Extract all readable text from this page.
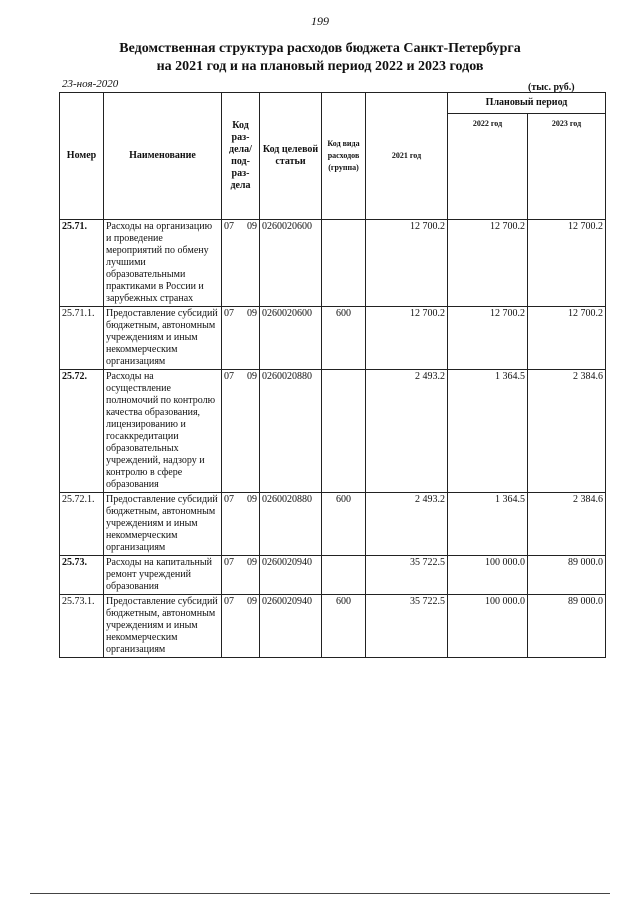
199
Ведомственная структура расходов бюджета Санкт-Петербурга
на 2021 год и на плановый период 2022 и 2023 годов
23-ноя-2020	(тыс. руб.)
Номер	Наименование	Код раз-дела/ под-раз-дела	Код целевой статьи	Код вида расходов (группа)	2021 год	Плановый период	
						2022 год	2023 год
25.71.	Расходы на организацию и проведение мероприятий по обмену лучшими образовательными практиками в России и зарубежных странах	07 09	0260020600		12 700.2	12 700.2	12 700.2
25.71.1.	Предоставление субсидий бюджетным, автономным учреждениям и иным некоммерческим организациям	07 09	0260020600	600	12 700.2	12 700.2	12 700.2
25.72.	Расходы на осуществление полномочий по контролю качества образования, лицензированию и госаккредитации образовательных учреждений, надзору и контролю в сфере образования	07 09	0260020880		2 493.2	1 364.5	2 384.6
25.72.1.	Предоставление субсидий бюджетным, автономным учреждениям и иным некоммерческим организациям	07 09	0260020880	600	2 493.2	1 364.5	2 384.6
25.73.	Расходы на капитальный ремонт учреждений образования	07 09	0260020940		35 722.5	100 000.0	89 000.0
25.73.1.	Предоставление субсидий бюджетным, автономным учреждениям и иным некоммерческим организациям	07 09	0260020940	600	35 722.5	100 000.0	89 000.0
